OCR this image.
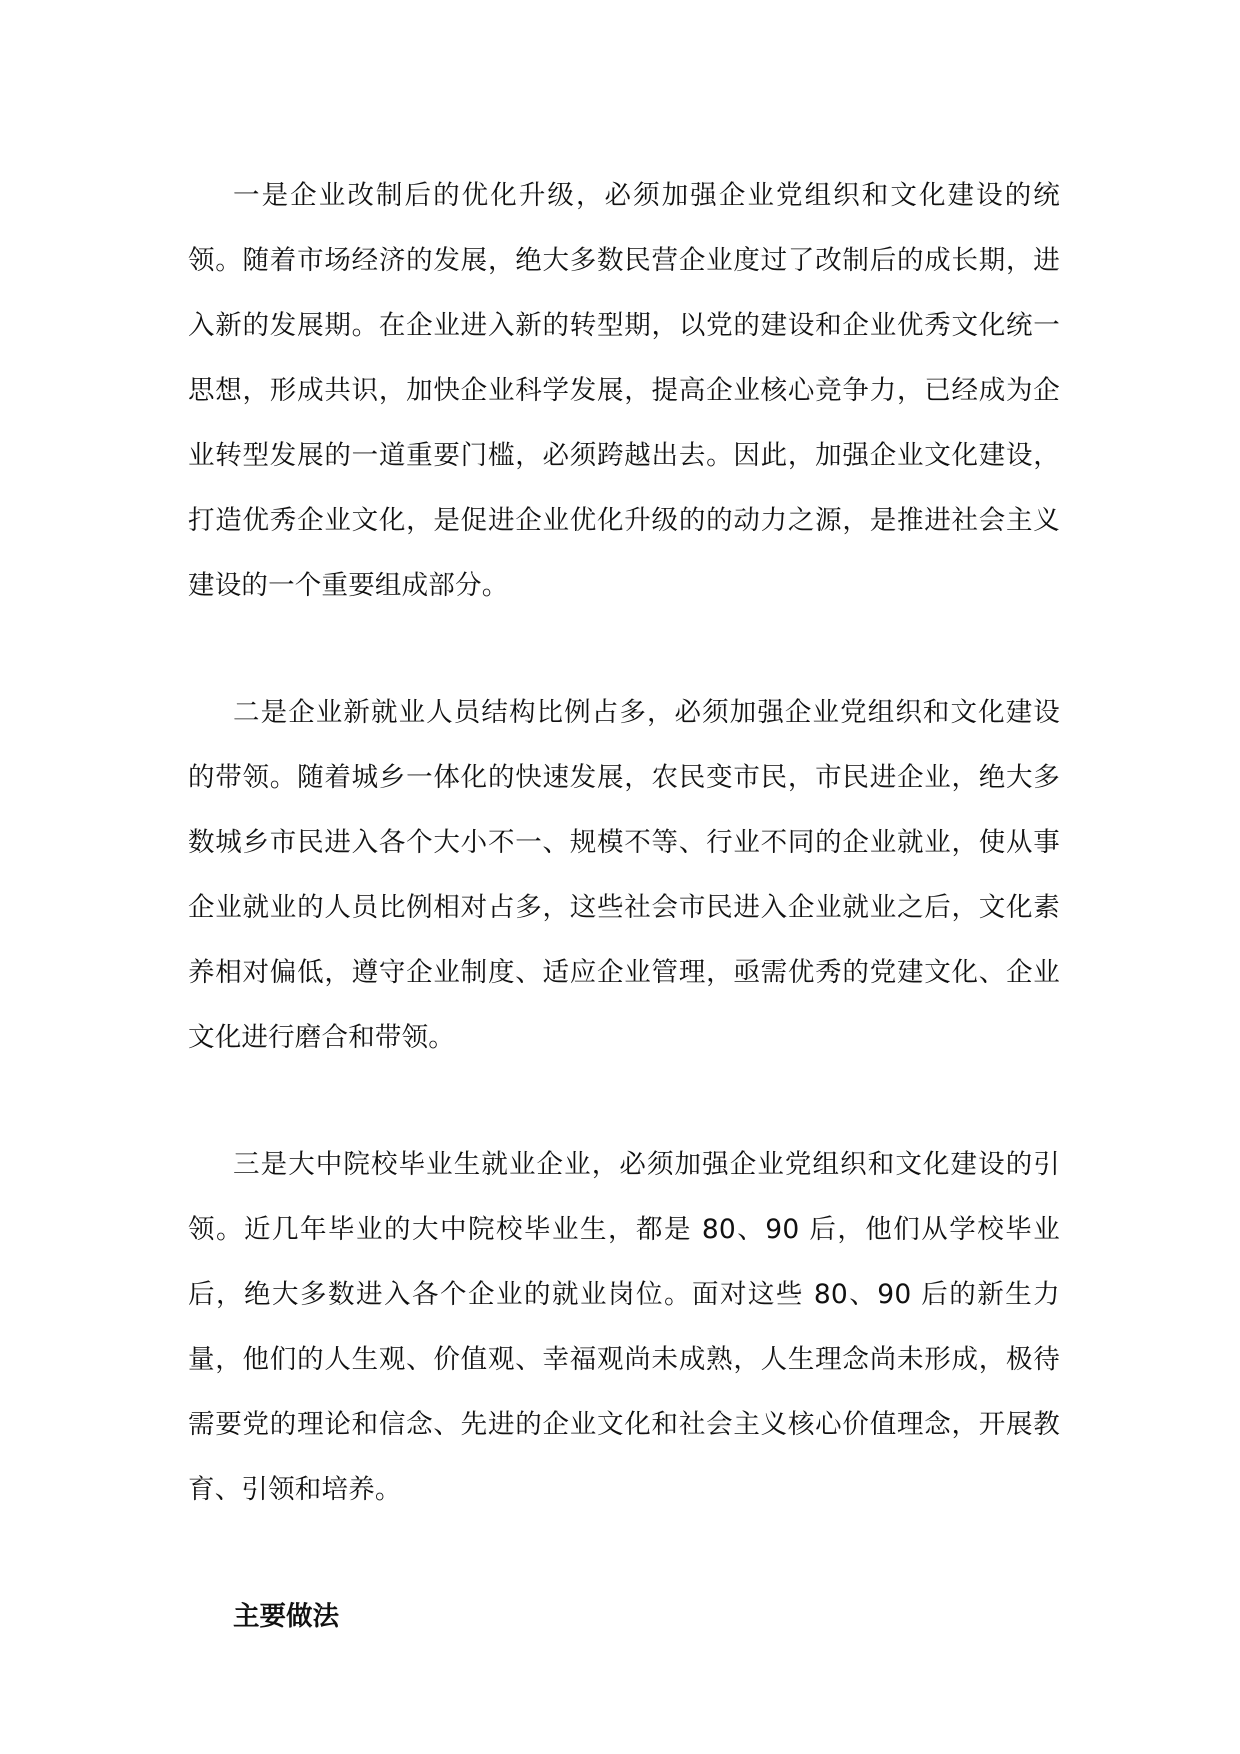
一是企业改制后的优化升级，必须加强企业党组织和文化建设的统领。随着市场经济的发展，绝大多数民营企业度过了改制后的成长期，进入新的发展期。在企业进入新的转型期，以党的建设和企业优秀文化统一思想，形成共识，加快企业科学发展，提高企业核心竞争力，已经成为企业转型发展的一道重要门槛，必须跨越出去。因此，加强企业文化建设，打造优秀企业文化，是促进企业优化升级的的动力之源，是推进社会主义建设的一个重要组成部分。

二是企业新就业人员结构比例占多，必须加强企业党组织和文化建设的带领。随着城乡一体化的快速发展，农民变市民，市民进企业，绝大多数城乡市民进入各个大小不一、规模不等、行业不同的企业就业，使从事企业就业的人员比例相对占多，这些社会市民进入企业就业之后，文化素养相对偏低，遵守企业制度、适应企业管理，亟需优秀的党建文化、企业文化进行磨合和带领。

三是大中院校毕业生就业企业，必须加强企业党组织和文化建设的引领。近几年毕业的大中院校毕业生，都是 80、90 后，他们从学校毕业后，绝大多数进入各个企业的就业岗位。面对这些 80、90 后的新生力量，他们的人生观、价值观、幸福观尚未成熟，人生理念尚未形成，极待需要党的理论和信念、先进的企业文化和社会主义核心价值理念，开展教育、引领和培养。

主要做法
